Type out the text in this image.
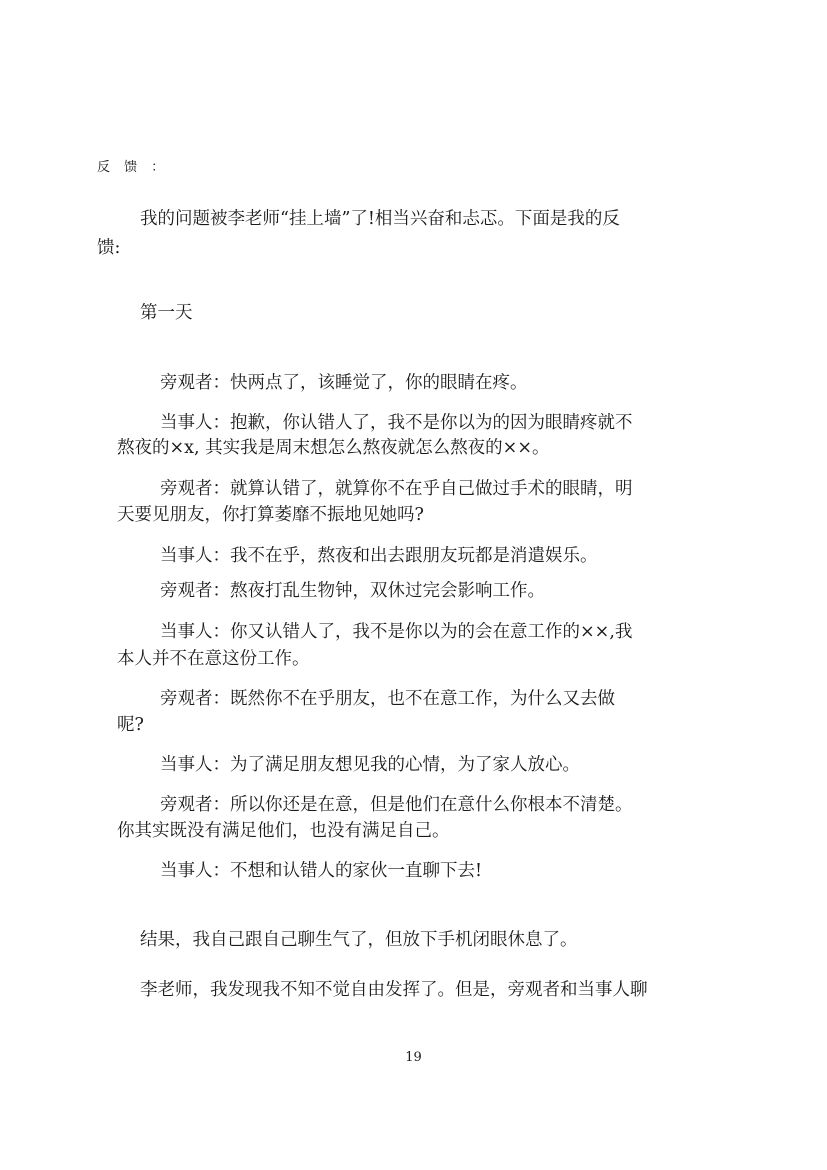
反 馈 ：

我的问题被李老师“挂上墙”了!相当兴奋和忐忑。下面是我的反

馈:

第一天

旁观者：快两点了，该睡觉了，你的眼睛在疼。

当事人：抱歉，你认错人了，我不是你以为的因为眼睛疼就不

熬夜的×x, 其实我是周末想怎么熬夜就怎么熬夜的××。

旁观者：就算认错了，就算你不在乎自己做过手术的眼睛，明

天要见朋友，你打算萎靡不振地见她吗?

当事人：我不在乎，熬夜和出去跟朋友玩都是消遣娱乐。

旁观者：熬夜打乱生物钟，双休过完会影响工作。

当事人：你又认错人了，我不是你以为的会在意工作的××,我

本人并不在意这份工作。

旁观者：既然你不在乎朋友，也不在意工作，为什么又去做

呢?

当事人：为了满足朋友想见我的心情，为了家人放心。

旁观者：所以你还是在意，但是他们在意什么你根本不清楚。

你其实既没有满足他们，也没有满足自己。

当事人：不想和认错人的家伙一直聊下去!

结果，我自己跟自己聊生气了，但放下手机闭眼休息了。

李老师，我发现我不知不觉自由发挥了。但是，旁观者和当事人聊

19
